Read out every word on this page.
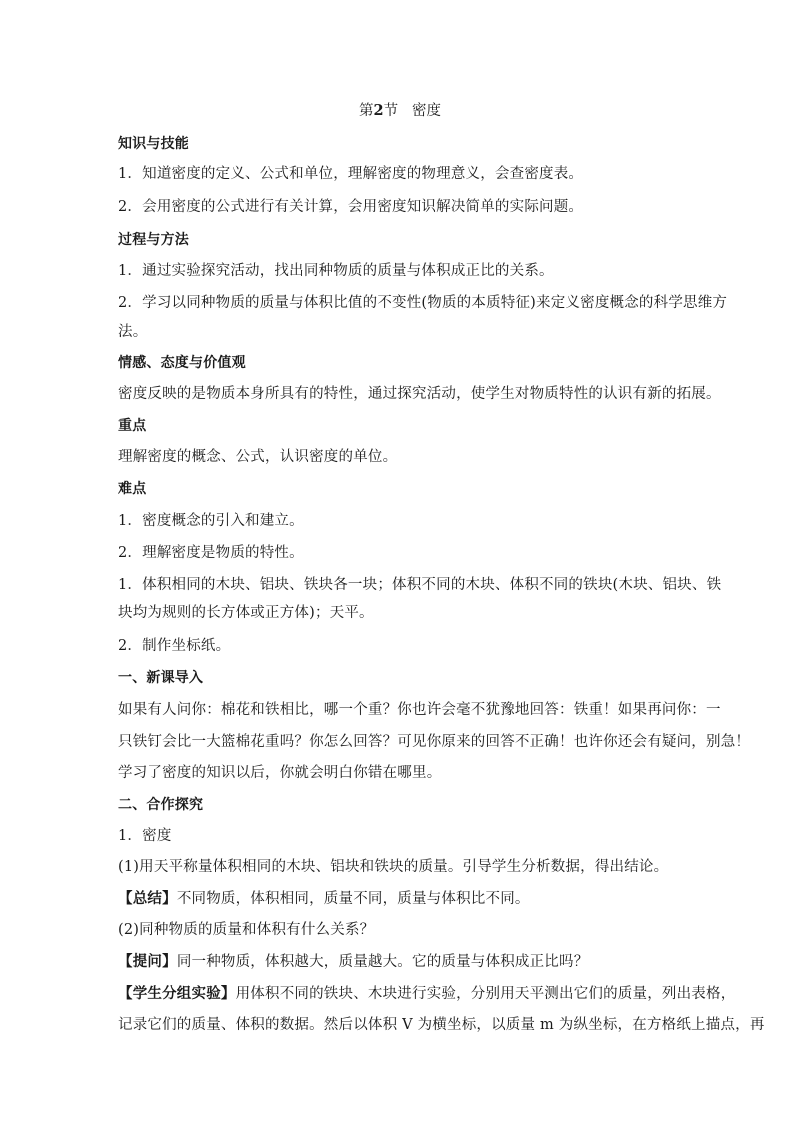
第2节 密度
知识与技能
1．知道密度的定义、公式和单位，理解密度的物理意义，会查密度表。
2．会用密度的公式进行有关计算，会用密度知识解决简单的实际问题。
过程与方法
1．通过实验探究活动，找出同种物质的质量与体积成正比的关系。
2．学习以同种物质的质量与体积比值的不变性(物质的本质特征)来定义密度概念的科学思维方
法。
情感、态度与价值观
密度反映的是物质本身所具有的特性，通过探究活动，使学生对物质特性的认识有新的拓展。
重点
理解密度的概念、公式，认识密度的单位。
难点
1．密度概念的引入和建立。
2．理解密度是物质的特性。
1．体积相同的木块、铝块、铁块各一块；体积不同的木块、体积不同的铁块(木块、铝块、铁
块均为规则的长方体或正方体)；天平。
2．制作坐标纸。
一、新课导入
如果有人问你：棉花和铁相比，哪一个重？你也许会毫不犹豫地回答：铁重！如果再问你：一
只铁钉会比一大篮棉花重吗？你怎么回答？可见你原来的回答不正确！也许你还会有疑问，别急！
学习了密度的知识以后，你就会明白你错在哪里。
二、合作探究
1．密度
(1)用天平称量体积相同的木块、铝块和铁块的质量。引导学生分析数据，得出结论。
【总结】不同物质，体积相同，质量不同，质量与体积比不同。
(2)同种物质的质量和体积有什么关系？
【提问】同一种物质，体积越大，质量越大。它的质量与体积成正比吗？
【学生分组实验】用体积不同的铁块、木块进行实验，分别用天平测出它们的质量，列出表格，
记录它们的质量、体积的数据。然后以体积 V 为横坐标，以质量 m 为纵坐标，在方格纸上描点，再
